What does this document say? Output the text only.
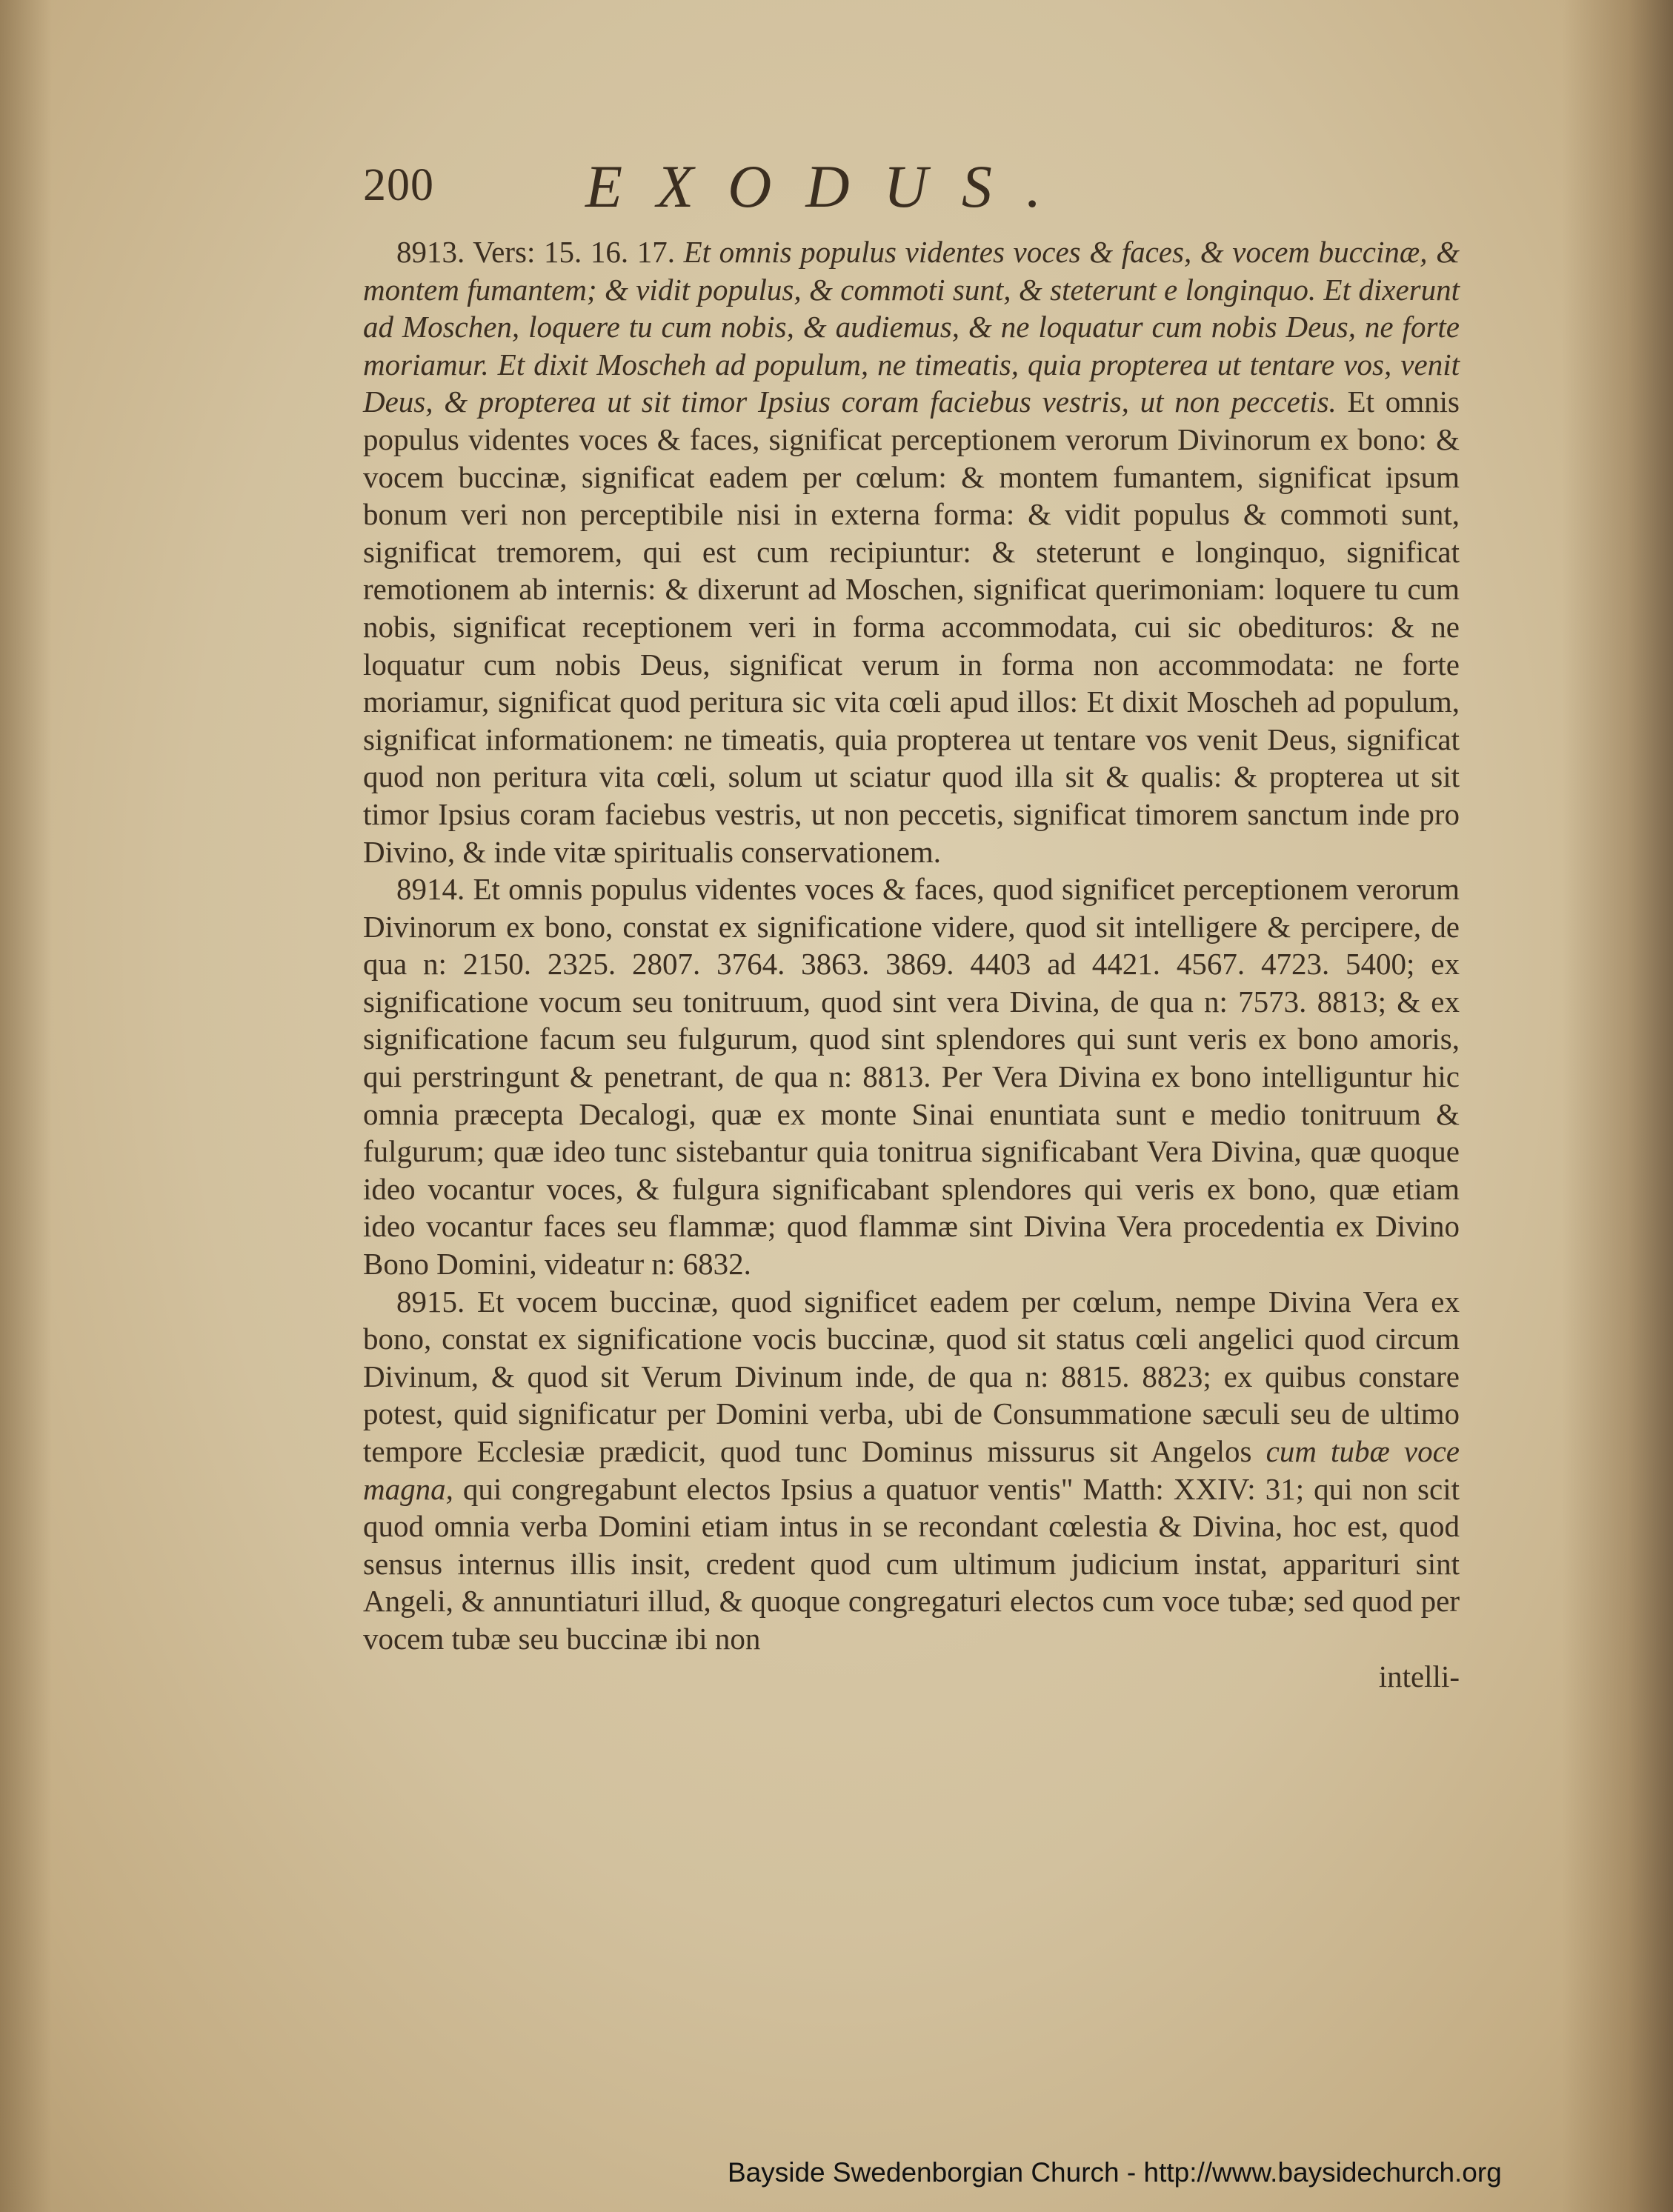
200 EXODUS.

8913. Vers: 15. 16. 17. Et omnis populus videntes voces & faces, & vocem buccinæ, & montem fumantem; & vidit populus, & commoti sunt, & steterunt e longinquo. Et dixerunt ad Moschen, loquere tu cum nobis, & audiemus, & ne loquatur cum nobis Deus, ne forte moriamur. Et dixit Moscheh ad populum, ne timeatis, quia propterea ut tentare vos, venit Deus, & propterea ut sit timor Ipsius coram faciebus vestris, ut non peccetis. Et omnis populus videntes voces & faces, significat perceptionem verorum Divinorum ex bono: & vocem buccinæ, significat eadem per cœlum: & montem fumantem, significat ipsum bonum veri non perceptibile nisi in externa forma: & vidit populus & commoti sunt, significat tremorem, qui est cum recipiuntur: & steterunt e longinquo, significat remotionem ab internis: & dixerunt ad Moschen, significat querimoniam: loquere tu cum nobis, significat receptionem veri in forma accommodata, cui sic obedituros: & ne loquatur cum nobis Deus, significat verum in forma non accommodata: ne forte moriamur, significat quod peritura sic vita cœli apud illos: Et dixit Moscheh ad populum, significat informationem: ne timeatis, quia propterea ut tentare vos venit Deus, significat quod non peritura vita cœli, solum ut sciatur quod illa sit & qualis: & propterea ut sit timor Ipsius coram faciebus vestris, ut non peccetis, significat timorem sanctum inde pro Divino, & inde vitæ spiritualis conservationem.

8914. Et omnis populus videntes voces & faces, quod significet perceptionem verorum Divinorum ex bono, constat ex significatione videre, quod sit intelligere & percipere, de qua n: 2150. 2325. 2807. 3764. 3863. 3869. 4403 ad 4421. 4567. 4723. 5400; ex significatione vocum seu tonitruum, quod sint vera Divina, de qua n: 7573. 8813; & ex significatione facum seu fulgurum, quod sint splendores qui sunt veris ex bono amoris, qui perstringunt & penetrant, de qua n: 8813. Per Vera Divina ex bono intelliguntur hic omnia præcepta Decalogi, quæ ex monte Sinai enuntiata sunt e medio tonitruum & fulgurum; quæ ideo tunc sistebantur quia tonitrua significabant Vera Divina, quæ quoque ideo vocantur voces, & fulgura significabant splendores qui veris ex bono, quæ etiam ideo vocantur faces seu flammæ; quod flammæ sint Divina Vera procedentia ex Divino Bono Domini, videatur n: 6832.

8915. Et vocem buccinæ, quod significet eadem per cœlum, nempe Divina Vera ex bono, constat ex significatione vocis buccinæ, quod sit status cœli angelici quod circum Divinum, & quod sit Verum Divinum inde, de qua n: 8815. 8823; ex quibus constare potest, quid significatur per Domini verba, ubi de Consummatione sæculi seu de ultimo tempore Ecclesiæ prædicit, quod tunc Dominus missurus sit Angelos cum tubæ voce magna, qui congregabunt electos Ipsius a quatuor ventis" Matth: XXIV: 31; qui non scit quod omnia verba Domini etiam intus in se recondant cœlestia & Divina, hoc est, quod sensus internus illis insit, credent quod cum ultimum judicium instat, apparituri sint Angeli, & annuntiaturi illud, & quoque congregaturi electos cum voce tubæ; sed quod per vocem tubæ seu buccinæ ibi non

intelli-
Bayside Swedenborgian Church - http://www.baysidechurch.org
